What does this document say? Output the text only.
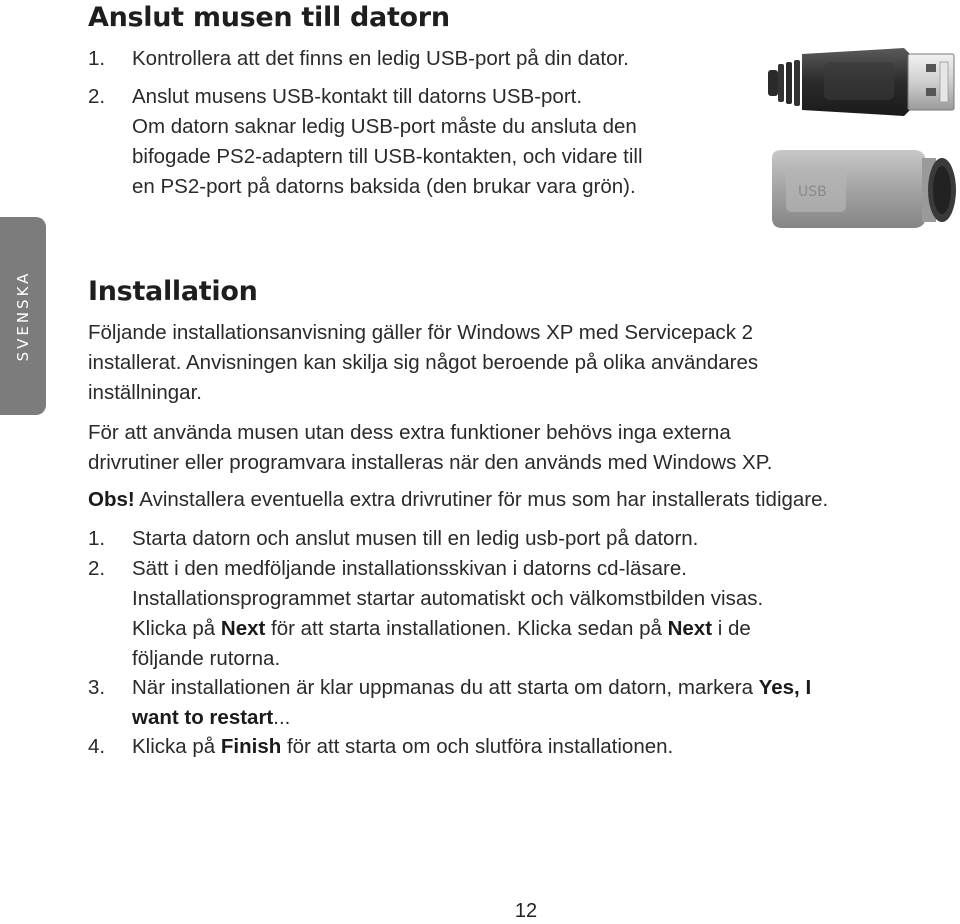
SVENSKA
Anslut musen till datorn
1.	Kontrollera att det finns en ledig USB-port på din dator.
2.	Anslut musens USB-kontakt till datorns USB-port.
Om datorn saknar ledig USB-port måste du ansluta den
bifogade PS2-adaptern till USB-kontakten, och vidare till
en PS2-port på datorns baksida (den brukar vara grön).	USB
Installation
Följande installationsanvisning gäller för Windows XP med Servicepack 2
installerat. Anvisningen kan skilja sig något beroende på olika användares
inställningar.
För att använda musen utan dess extra funktioner behövs inga externa
drivrutiner eller programvara installeras när den används med Windows XP.
Obs! Avinstallera eventuella extra drivrutiner för mus som har installerats tidigare.
1.	Starta datorn och anslut musen till en ledig usb-port på datorn.
2.	Sätt i den medföljande installationsskivan i datorns cd-läsare.
Installationsprogrammet startar automatiskt och välkomstbilden visas.
Klicka på Next för att starta installationen. Klicka sedan på Next i de
följande rutorna.
3.	När installationen är klar uppmanas du att starta om datorn, markera Yes, I
want to restart...
4.	Klicka på Finish för att starta om och slutföra installationen.
12
